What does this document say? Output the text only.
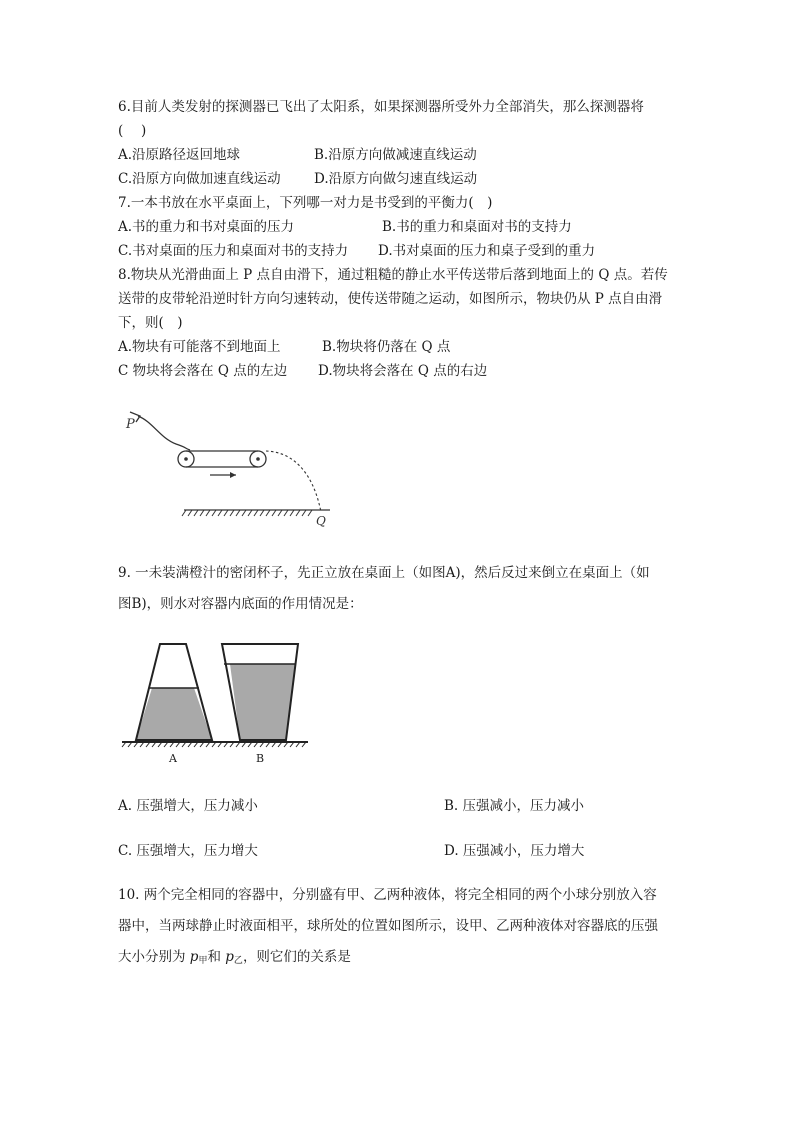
6.目前人类发射的探测器已飞出了太阳系，如果探测器所受外力全部消失，那么探测器将
(　 )
A.沿原路径返回地球	B.沿原方向做减速直线运动
C.沿原方向做加速直线运动 D.沿原方向做匀速直线运动
7.一本书放在水平桌面上，下列哪一对力是书受到的平衡力(　)
A.书的重力和书对桌面的压力	B.书的重力和桌面对书的支持力
C.书对桌面的压力和桌面对书的支持力 D.书对桌面的压力和桌子受到的重力
8.物块从光滑曲面上 P 点自由滑下，通过粗糙的静止水平传送带后落到地面上的 Q 点。若传
送带的皮带轮沿逆时针方向匀速转动，使传送带随之运动，如图所示，物块仍从 P 点自由滑
下，则(　)
A.物块有可能落不到地面上	B.物块将仍落在 Q 点
C 物块将会落在 Q 点的左边 D.物块将会落在 Q 点的右边
P
Q
9. 一未装满橙汁的密闭杯子，先正立放在桌面上（如图A)，然后反过来倒立在桌面上（如
图B)，则水对容器内底面的作用情况是：
A	B
A. 压强增大，压力减小	B. 压强减小，压力减小
C. 压强增大，压力增大	D. 压强减小，压力增大
10. 两个完全相同的容器中，分别盛有甲、乙两种液体，将完全相同的两个小球分别放入容
器中，当两球静止时液面相平，球所处的位置如图所示，设甲、乙两种液体对容器底的压强
大小分别为 $p_甲$和 $p_乙$，则它们的关系是
